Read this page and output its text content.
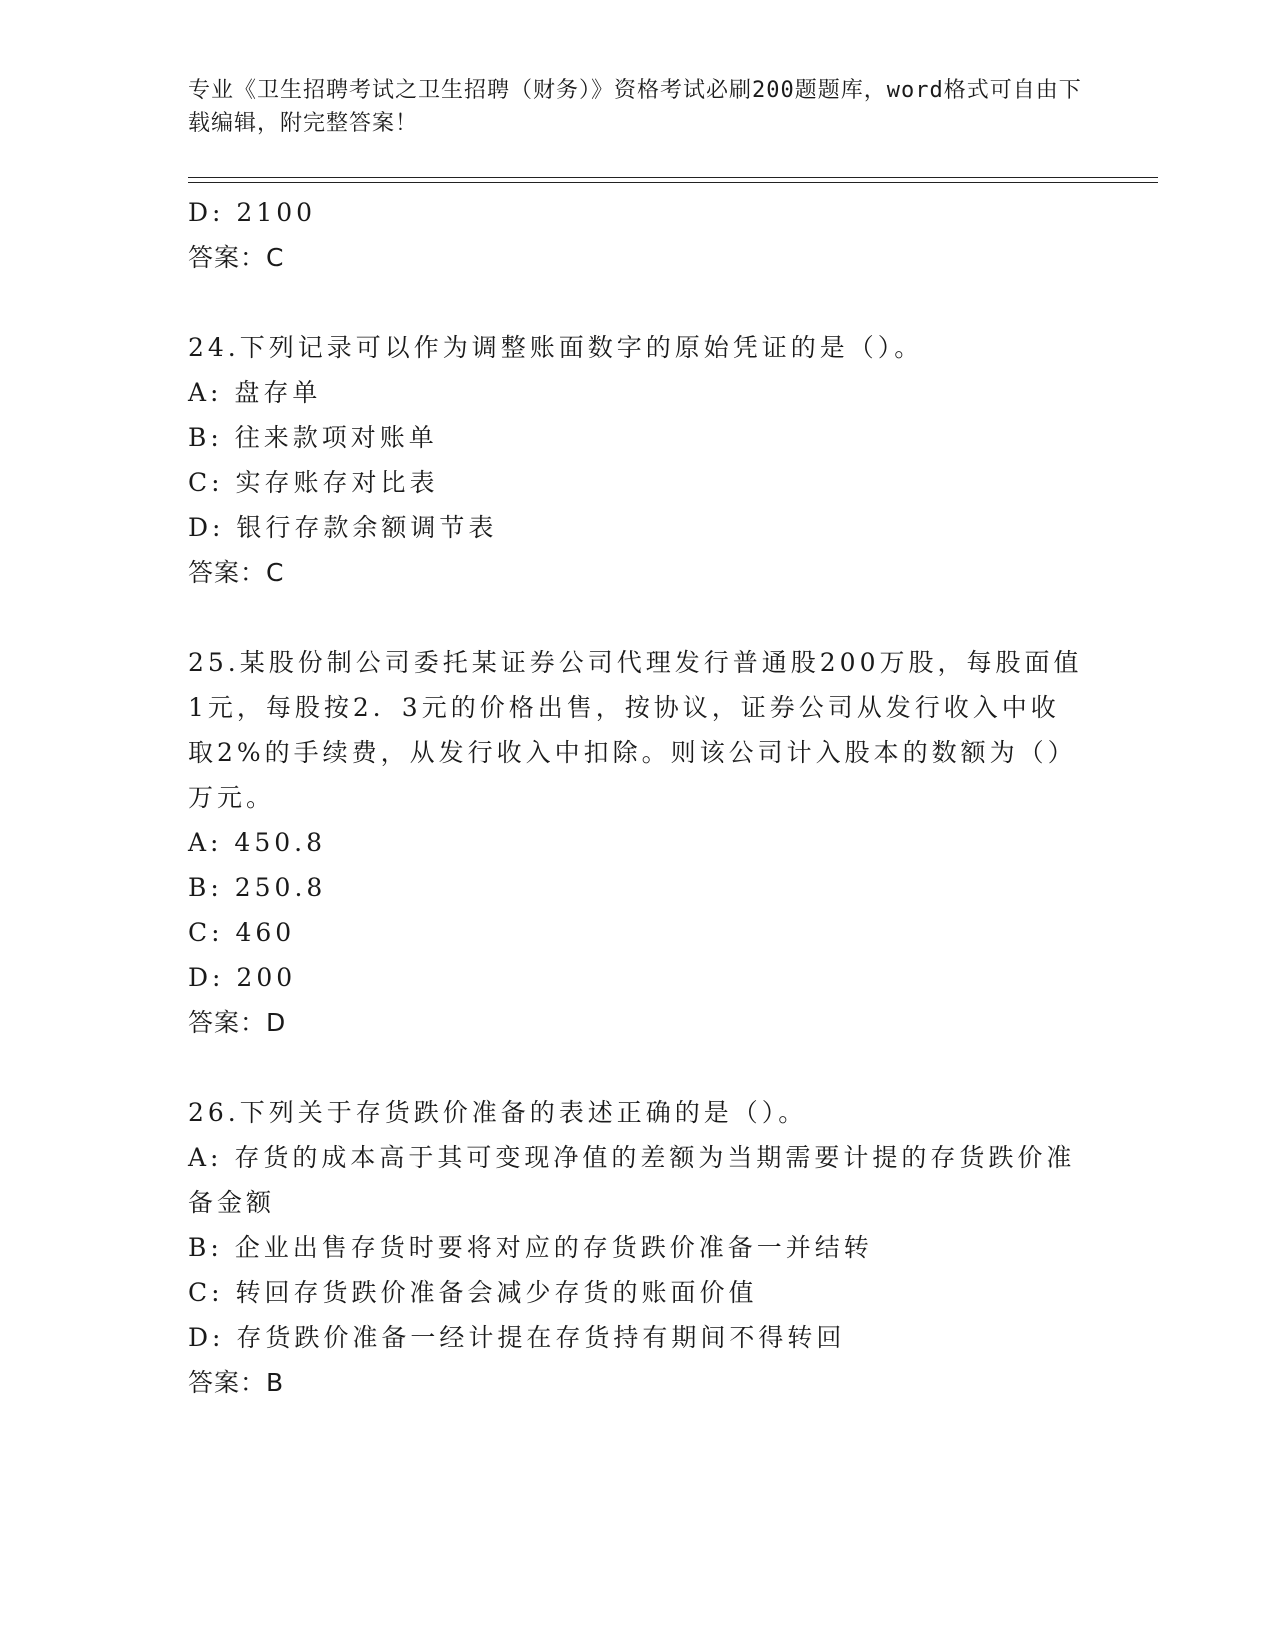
专业《卫生招聘考试之卫生招聘（财务）》资格考试必刷200题题库，word格式可自由下载编辑，附完整答案！
D: 2100
答案：C
24.下列记录可以作为调整账面数字的原始凭证的是（）。
A: 盘存单
B: 往来款项对账单
C: 实存账存对比表
D: 银行存款余额调节表
答案：C
25.某股份制公司委托某证券公司代理发行普通股200万股，每股面值1元，每股按2．3元的价格出售，按协议，证券公司从发行收入中收取2%的手续费，从发行收入中扣除。则该公司计入股本的数额为（）万元。
A: 450.8
B: 250.8
C: 460
D: 200
答案：D
26.下列关于存货跌价准备的表述正确的是（）。
A: 存货的成本高于其可变现净值的差额为当期需要计提的存货跌价准备金额
B: 企业出售存货时要将对应的存货跌价准备一并结转
C: 转回存货跌价准备会减少存货的账面价值
D: 存货跌价准备一经计提在存货持有期间不得转回
答案：B
